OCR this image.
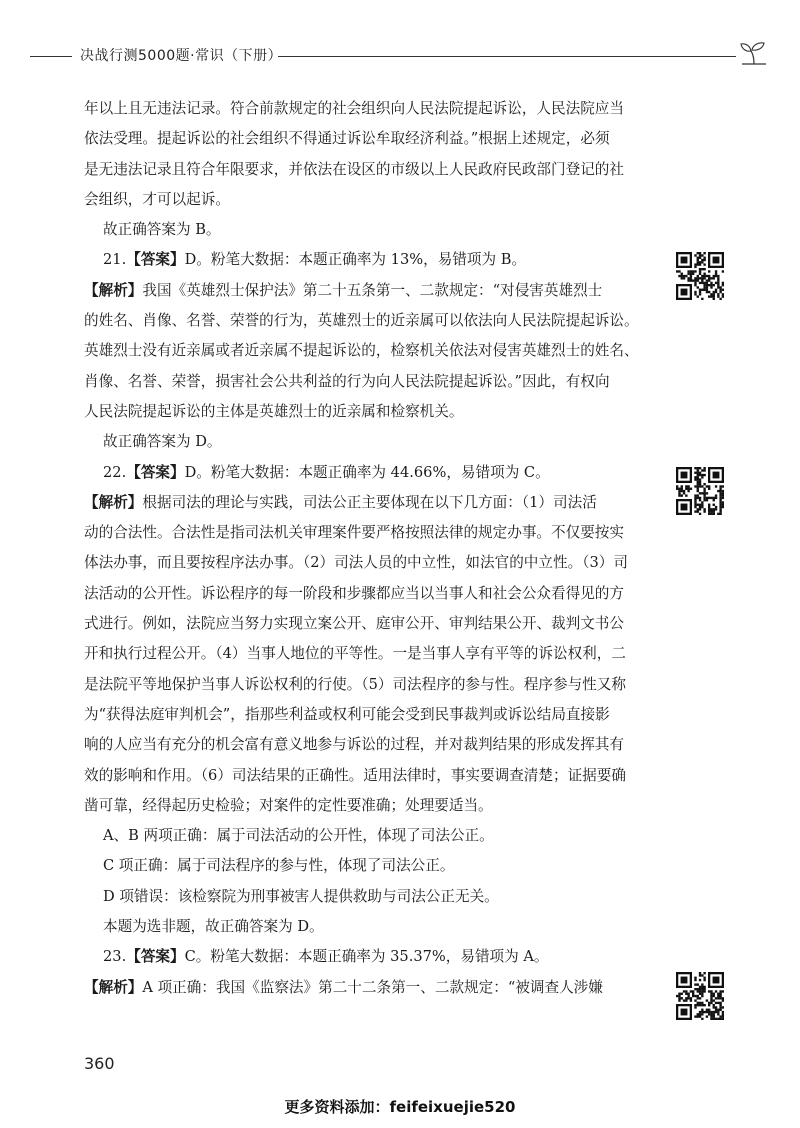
决战行测5000题·常识（下册）

年以上且无违法记录。符合前款规定的社会组织向人民法院提起诉讼，人民法院应当

依法受理。提起诉讼的社会组织不得通过诉讼牟取经济利益。”根据上述规定，必须

是无违法记录且符合年限要求，并依法在设区的市级以上人民政府民政部门登记的社

会组织，才可以起诉。

故正确答案为 B。

21.【答案】D。粉笔大数据：本题正确率为 13%，易错项为 B。

【解析】我国《英雄烈士保护法》第二十五条第一、二款规定：“对侵害英雄烈士

的姓名、肖像、名誉、荣誉的行为，英雄烈士的近亲属可以依法向人民法院提起诉讼。

英雄烈士没有近亲属或者近亲属不提起诉讼的，检察机关依法对侵害英雄烈士的姓名、

肖像、名誉、荣誉，损害社会公共利益的行为向人民法院提起诉讼。”因此，有权向

人民法院提起诉讼的主体是英雄烈士的近亲属和检察机关。

故正确答案为 D。

22.【答案】D。粉笔大数据：本题正确率为 44.66%，易错项为 C。

【解析】根据司法的理论与实践，司法公正主要体现在以下几方面：（1）司法活

动的合法性。合法性是指司法机关审理案件要严格按照法律的规定办事。不仅要按实

体法办事，而且要按程序法办事。（2）司法人员的中立性，如法官的中立性。（3）司

法活动的公开性。诉讼程序的每一阶段和步骤都应当以当事人和社会公众看得见的方

式进行。例如，法院应当努力实现立案公开、庭审公开、审判结果公开、裁判文书公

开和执行过程公开。（4）当事人地位的平等性。一是当事人享有平等的诉讼权利，二

是法院平等地保护当事人诉讼权利的行使。（5）司法程序的参与性。程序参与性又称

为“获得法庭审判机会”，指那些利益或权利可能会受到民事裁判或诉讼结局直接影

响的人应当有充分的机会富有意义地参与诉讼的过程，并对裁判结果的形成发挥其有

效的影响和作用。（6）司法结果的正确性。适用法律时，事实要调查清楚；证据要确

凿可靠，经得起历史检验；对案件的定性要准确；处理要适当。

A、B 两项正确：属于司法活动的公开性，体现了司法公正。

C 项正确：属于司法程序的参与性，体现了司法公正。

D 项错误：该检察院为刑事被害人提供救助与司法公正无关。

本题为选非题，故正确答案为 D。

23.【答案】C。粉笔大数据：本题正确率为 35.37%，易错项为 A。

【解析】A 项正确：我国《监察法》第二十二条第一、二款规定：“被调查人涉嫌

360
更多资料添加：feifeixuejie520
